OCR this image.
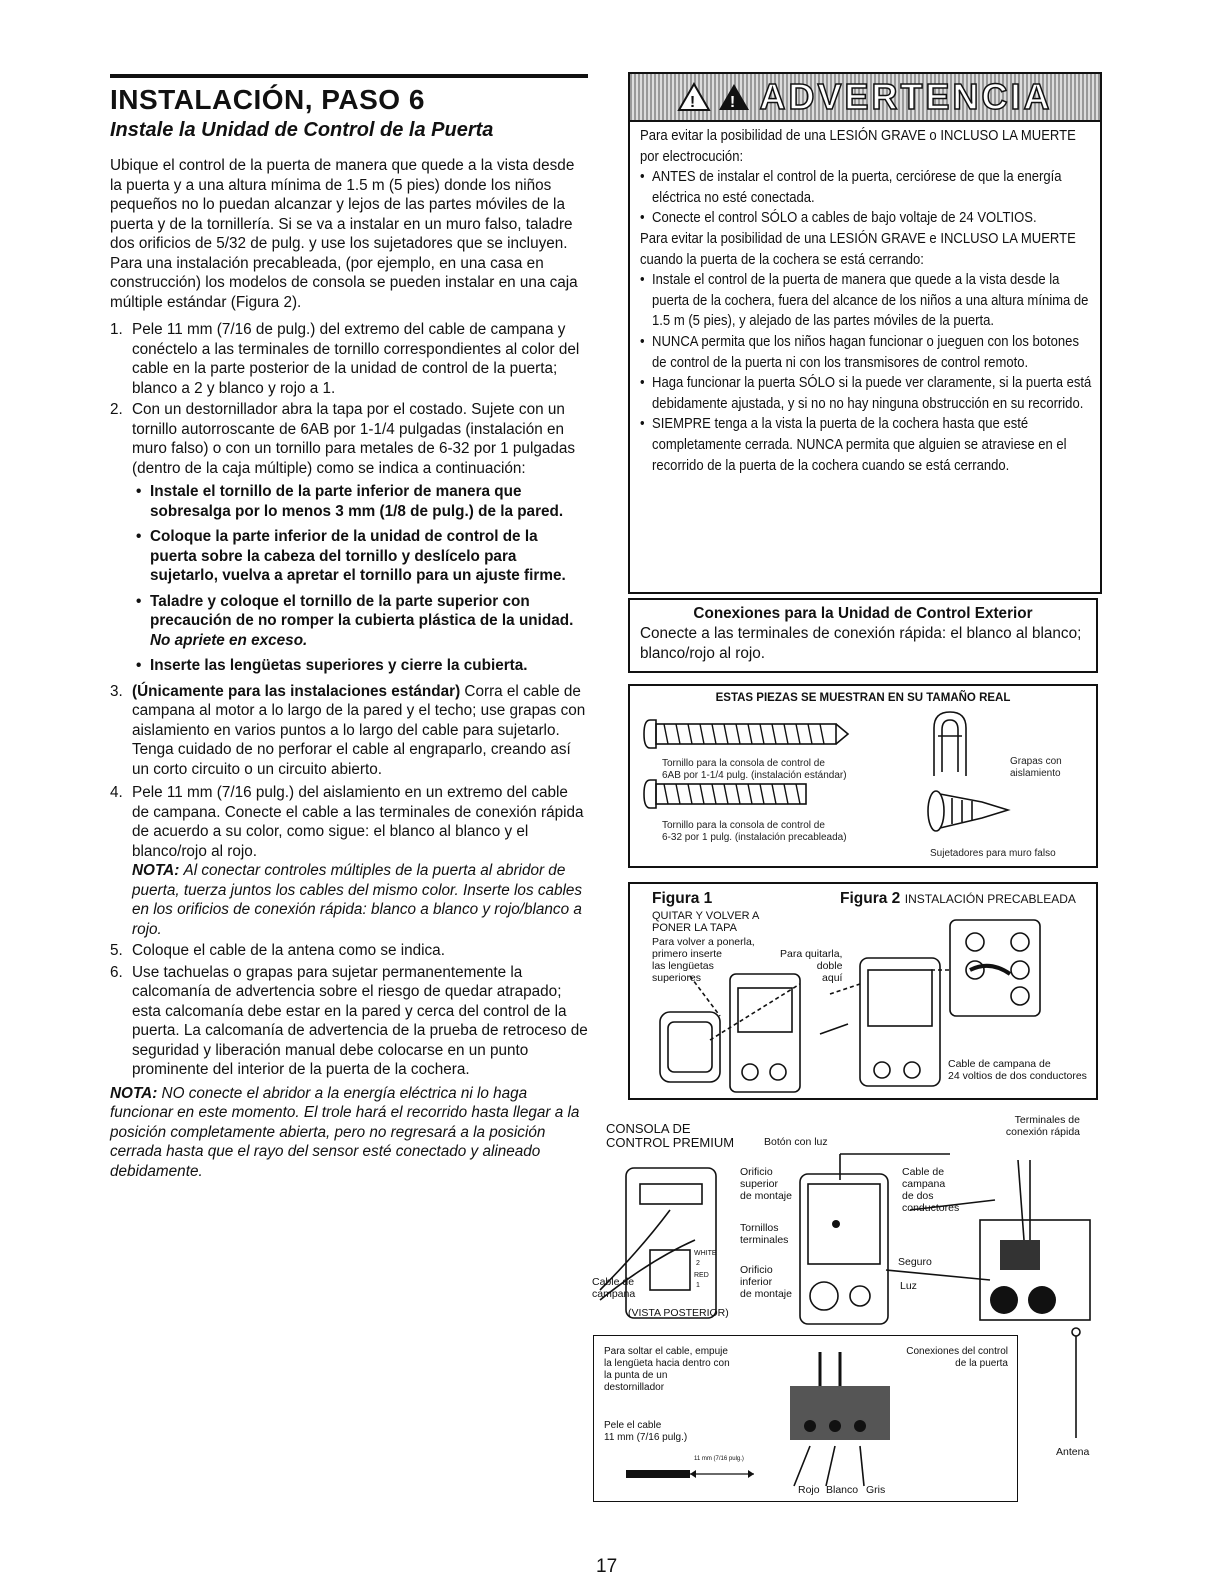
INSTALACIÓN, PASO 6
Instale la Unidad de Control de la Puerta

Ubique el control de la puerta de manera que quede a la vista desde la puerta y a una altura mínima de 1.5 m (5 pies) donde los niños pequeños no lo puedan alcanzar y lejos de las partes móviles de la puerta y de la tornillería. Si se va a instalar en un muro falso, taladre dos orificios de 5/32 de pulg. y use los sujetadores que se incluyen. Para una instalación precableada, (por ejemplo, en una casa en construcción) los modelos de consola se pueden instalar en una caja múltiple estándar (Figura 2).

1. Pele 11 mm (7/16 de pulg.) del extremo del cable de campana y conéctelo a las terminales de tornillo correspondientes al color del cable en la parte posterior de la unidad de control de la puerta; blanco a 2 y blanco y rojo a 1.
2. Con un destornillador abra la tapa por el costado. Sujete con un tornillo autorroscante de 6AB por 1-1/4 pulgadas (instalación en muro falso) o con un tornillo para metales de 6-32 por 1 pulgadas (dentro de la caja múltiple) como se indica a continuación:
• Instale el tornillo de la parte inferior de manera que sobresalga por lo menos 3 mm (1/8 de pulg.) de la pared.
• Coloque la parte inferior de la unidad de control de la puerta sobre la cabeza del tornillo y deslícelo para sujetarlo, vuelva a apretar el tornillo para un ajuste firme.
• Taladre y coloque el tornillo de la parte superior con precaución de no romper la cubierta plástica de la unidad. No apriete en exceso.
• Inserte las lengüetas superiores y cierre la cubierta.
3. (Únicamente para las instalaciones estándar) Corra el cable de campana al motor a lo largo de la pared y el techo; use grapas con aislamiento en varios puntos a lo largo del cable para sujetarlo. Tenga cuidado de no perforar el cable al engraparlo, creando así un corto circuito o un circuito abierto.
4. Pele 11 mm (7/16 pulg.) del aislamiento en un extremo del cable de campana. Conecte el cable a las terminales de conexión rápida de acuerdo a su color, como sigue: el blanco al blanco y el blanco/rojo al rojo.
NOTA: Al conectar controles múltiples de la puerta al abridor de puerta, tuerza juntos los cables del mismo color. Inserte los cables en los orificios de conexión rápida: blanco a blanco y rojo/blanco a rojo.
5. Coloque el cable de la antena como se indica.
6. Use tachuelas o grapas para sujetar permanentemente la calcomanía de advertencia sobre el riesgo de quedar atrapado; esta calcomanía debe estar en la pared y cerca del control de la puerta. La calcomanía de advertencia de la prueba de retroceso de seguridad y liberación manual debe colocarse en un punto prominente del interior de la puerta de la cochera.
NOTA: NO conecte el abridor a la energía eléctrica ni lo haga funcionar en este momento. El trole hará el recorrido hasta llegar a la posición completamente abierta, pero no regresará a la posición cerrada hasta que el rayo del sensor esté conectado y alineado debidamente.
! ! ADVERTENCIA
Para evitar la posibilidad de una LESIÓN GRAVE o INCLUSO LA MUERTE por electrocución:
• ANTES de instalar el control de la puerta, cerciórese de que la energía eléctrica no esté conectada.
• Conecte el control SÓLO a cables de bajo voltaje de 24 VOLTIOS.
Para evitar la posibilidad de una LESIÓN GRAVE e INCLUSO LA MUERTE cuando la puerta de la cochera se está cerrando:
• Instale el control de la puerta de manera que quede a la vista desde la puerta de la cochera, fuera del alcance de los niños a una altura mínima de 1.5 m (5 pies), y alejado de las partes móviles de la puerta.
• NUNCA permita que los niños hagan funcionar o jueguen con los botones de control de la puerta ni con los transmisores de control remoto.
• Haga funcionar la puerta SÓLO si la puede ver claramente, si la puerta está debidamente ajustada, y si no no hay ninguna obstrucción en su recorrido.
• SIEMPRE tenga a la vista la puerta de la cochera hasta que esté completamente cerrada. NUNCA permita que alguien se atraviese en el recorrido de la puerta de la cochera cuando se está cerrando.
Conexiones para la Unidad de Control Exterior
Conecte a las terminales de conexión rápida: el blanco al blanco; blanco/rojo al rojo.
ESTAS PIEZAS SE MUESTRAN EN SU TAMAÑO REAL
Tornillo para la consola de control de
6AB por 1-1/4 pulg. (instalación estándar)
Tornillo para la consola de control de
6-32 por 1 pulg. (instalación precableada)
Grapas con
aislamiento
Sujetadores para muro falso
Figura 1	Figura 2 INSTALACIÓN PRECABLEADA
QUITAR Y VOLVER A
PONER LA TAPA
Para volver a ponerla,
primero inserte
las lengüetas
superiores
Para quitarla,
doble
aquí
Cable de campana de
24 voltios de dos conductores
CONSOLA DE
CONTROL PREMIUM	Botón con luz
Terminales de
conexión rápida
Orificio
superior
de montaje
Tornillos
terminales
Orificio
inferior
de montaje
WHITE
2
RED
1
Cable de
campana
(VISTA POSTERIOR)
Cable de
campana
de dos
conductores
Seguro
Luz
Para soltar el cable, empuje
la lengüeta hacia dentro con
la punta de un
destornillador
Pele el cable
11 mm (7/16 pulg.)
11 mm (7/16 pulg.)
Conexiones del control
de la puerta
Rojo Blanco Gris
Antena
17
